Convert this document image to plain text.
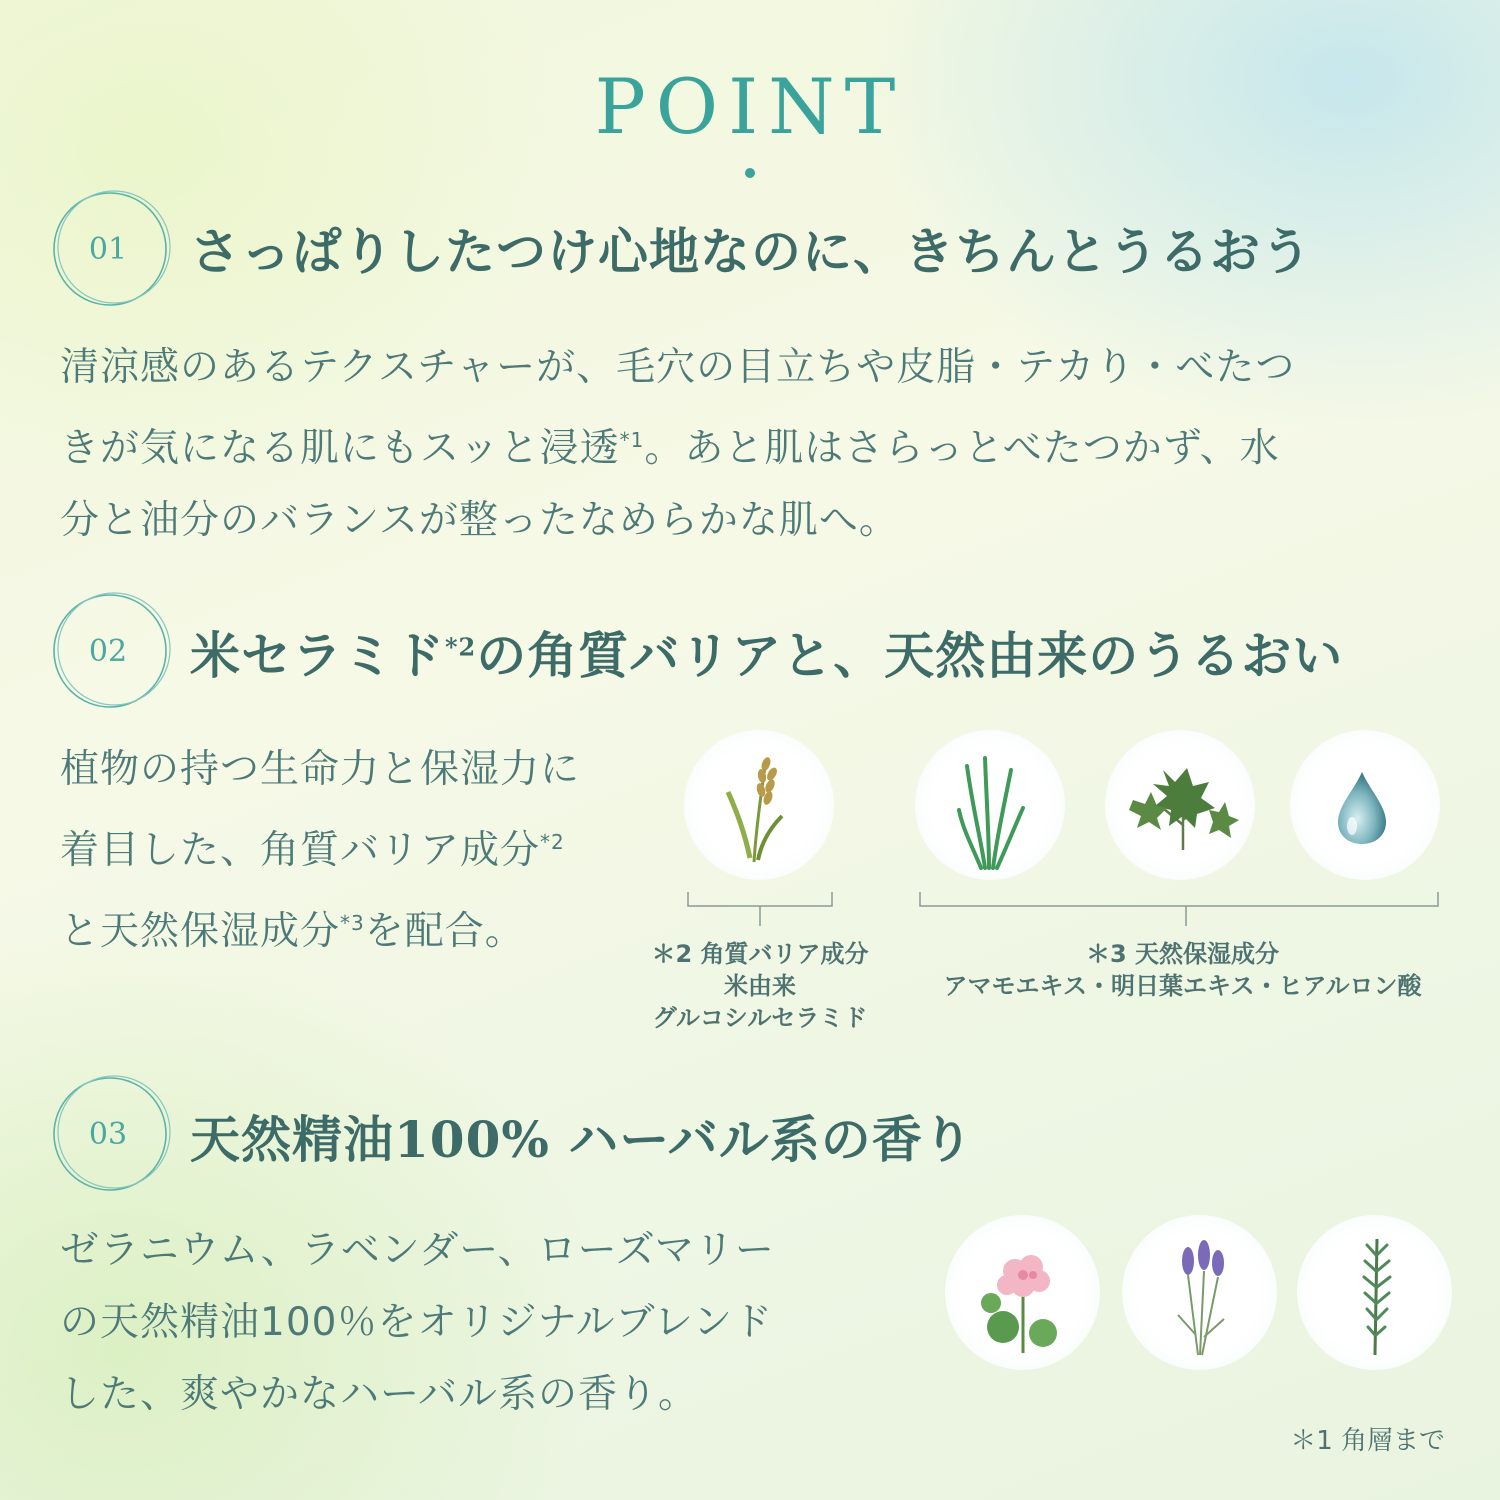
POINT
01	さっぱりしたつけ心地なのに、きちんとうるおう
清涼感のあるテクスチャーが、毛穴の目立ちや皮脂・テカり・べたつ
きが気になる肌にもスッと浸透$^{*1}$。あと肌はさらっとべたつかず、水
分と油分のバランスが整ったなめらかな肌へ。
02	米セラミド$^{*2}$の角質バリアと、天然由来のうるおい
植物の持つ生命力と保湿力に
着目した、角質バリア成分$^{*2}$
と天然保湿成分$^{*3}$を配合。	＊2 角質バリア成分
米由来
グルコシルセラミド
＊3 天然保湿成分
アマモエキス・明日葉エキス・ヒアルロン酸
03	天然精油100% ハーバル系の香り
ゼラニウム、ラベンダー、ローズマリー
の天然精油100％をオリジナルブレンド
した、爽やかなハーバル系の香り。
＊1 角層まで
